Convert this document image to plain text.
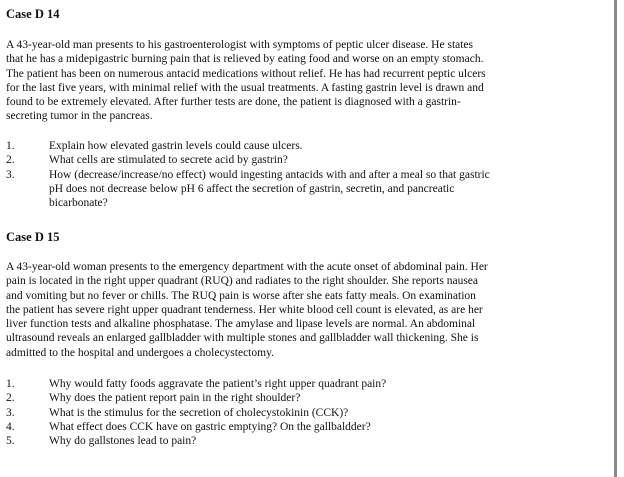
Case D 14
A 43-year-old man presents to his gastroenterologist with symptoms of peptic ulcer disease. He states
that he has a midepigastric burning pain that is relieved by eating food and worse on an empty stomach.
The patient has been on numerous antacid medications without relief. He has had recurrent peptic ulcers
for the last five years, with minimal relief with the usual treatments. A fasting gastrin level is drawn and
found to be extremely elevated. After further tests are done, the patient is diagnosed with a gastrin-
secreting tumor in the pancreas.
1.	Explain how elevated gastrin levels could cause ulcers.
2.	What cells are stimulated to secrete acid by gastrin?
3.	How (decrease/increase/no effect) would ingesting antacids with and after a meal so that gastric
pH does not decrease below pH 6 affect the secretion of gastrin, secretin, and pancreatic
bicarbonate?
Case D 15
A 43-year-old woman presents to the emergency department with the acute onset of abdominal pain. Her
pain is located in the right upper quadrant (RUQ) and radiates to the right shoulder. She reports nausea
and vomiting but no fever or chills. The RUQ pain is worse after she eats fatty meals. On examination
the patient has severe right upper quadrant tenderness. Her white blood cell count is elevated, as are her
liver function tests and alkaline phosphatase. The amylase and lipase levels are normal. An abdominal
ultrasound reveals an enlarged gallbladder with multiple stones and gallbladder wall thickening. She is
admitted to the hospital and undergoes a cholecystectomy.
1.	Why would fatty foods aggravate the patient’s right upper quadrant pain?
2.	Why does the patient report pain in the right shoulder?
3.	What is the stimulus for the secretion of cholecystokinin (CCK)?
4.	What effect does CCK have on gastric emptying? On the gallbaldder?
5.	Why do gallstones lead to pain?
